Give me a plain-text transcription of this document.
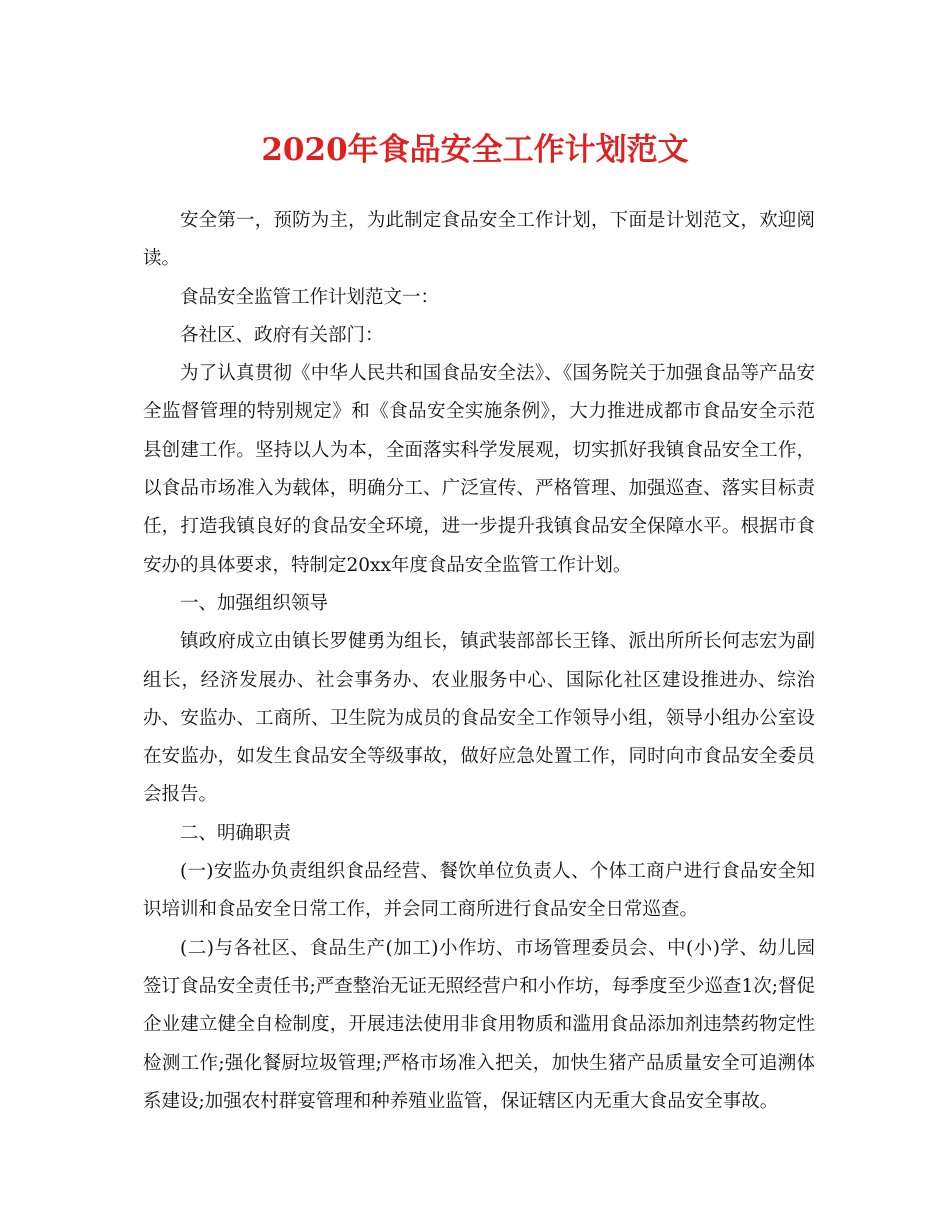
2020年食品安全工作计划范文

安全第一，预防为主，为此制定食品安全工作计划，下面是计划范文，欢迎阅读。

食品安全监管工作计划范文一：

各社区、政府有关部门：

为了认真贯彻《中华人民共和国食品安全法》、《国务院关于加强食品等产品安全监督管理的特别规定》和《食品安全实施条例》，大力推进成都市食品安全示范县创建工作。坚持以人为本，全面落实科学发展观，切实抓好我镇食品安全工作，以食品市场准入为载体，明确分工、广泛宣传、严格管理、加强巡查、落实目标责任，打造我镇良好的食品安全环境，进一步提升我镇食品安全保障水平。根据市食安办的具体要求，特制定20xx年度食品安全监管工作计划。

一、加强组织领导

镇政府成立由镇长罗健勇为组长，镇武装部部长王锋、派出所所长何志宏为副组长，经济发展办、社会事务办、农业服务中心、国际化社区建设推进办、综治办、安监办、工商所、卫生院为成员的食品安全工作领导小组，领导小组办公室设在安监办，如发生食品安全等级事故，做好应急处置工作，同时向市食品安全委员会报告。

二、明确职责

(一)安监办负责组织食品经营、餐饮单位负责人、个体工商户进行食品安全知识培训和食品安全日常工作，并会同工商所进行食品安全日常巡查。

(二)与各社区、食品生产(加工)小作坊、市场管理委员会、中(小)学、幼儿园签订食品安全责任书;严查整治无证无照经营户和小作坊，每季度至少巡查1次;督促企业建立健全自检制度，开展违法使用非食用物质和滥用食品添加剂违禁药物定性检测工作;强化餐厨垃圾管理;严格市场准入把关，加快生猪产品质量安全可追溯体系建设;加强农村群宴管理和种养殖业监管，保证辖区内无重大食品安全事故。
